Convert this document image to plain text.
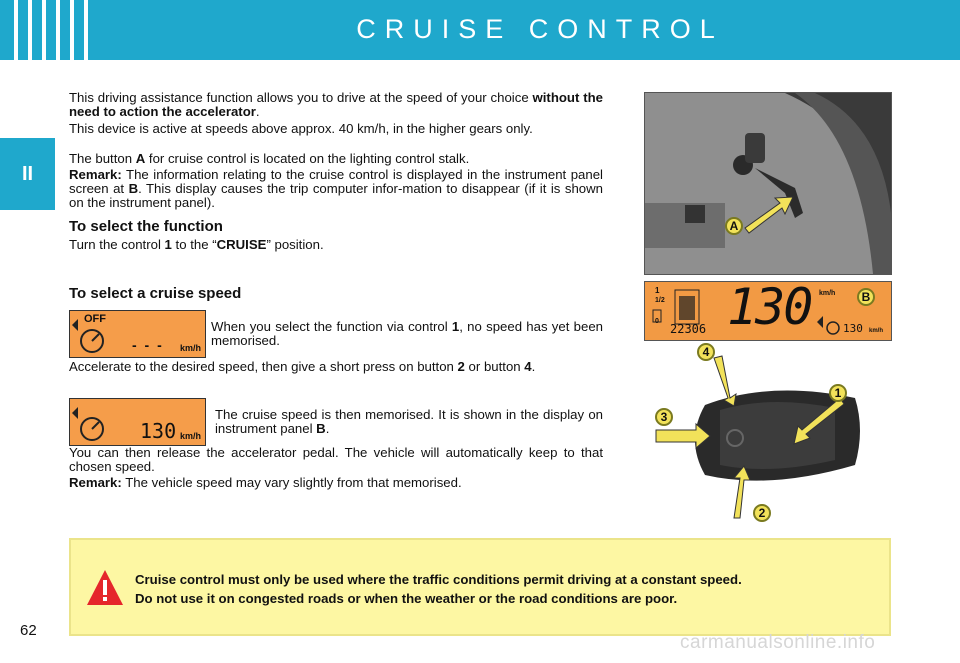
CRUISE CONTROL
II
This driving assistance function allows you to drive at the speed of your choice without the need to action the accelerator.
This device is active at speeds above approx. 40 km/h, in the higher gears only.
The button A for cruise control is located on the lighting control stalk.
Remark: The information relating to the cruise control is displayed in the instrument panel screen at B. This display causes the trip computer infor-mation to disappear (if it is shown on the instrument panel).
To select the function
Turn the control 1 to the “CRUISE” position.
To select a cruise speed
OFF
- - - km/h
When you select the function via control 1, no speed has yet been memorised.
Accelerate to the desired speed, then give a short press on button 2 or button 4.
130 km/h
The cruise speed is then memorised. It is shown in the display on instrument panel B.
You can then release the accelerator pedal. The vehicle will automatically keep to that chosen speed.
Remark: The vehicle speed may vary slightly from that memorised.
A
1
1/2
0 130 km/h
22306	130 km/h
B
1
2
3
4
Cruise control must only be used where the traffic conditions permit driving at a constant speed.
Do not use it on congested roads or when the weather or the road conditions are poor.
62
carmanualsonline.info
